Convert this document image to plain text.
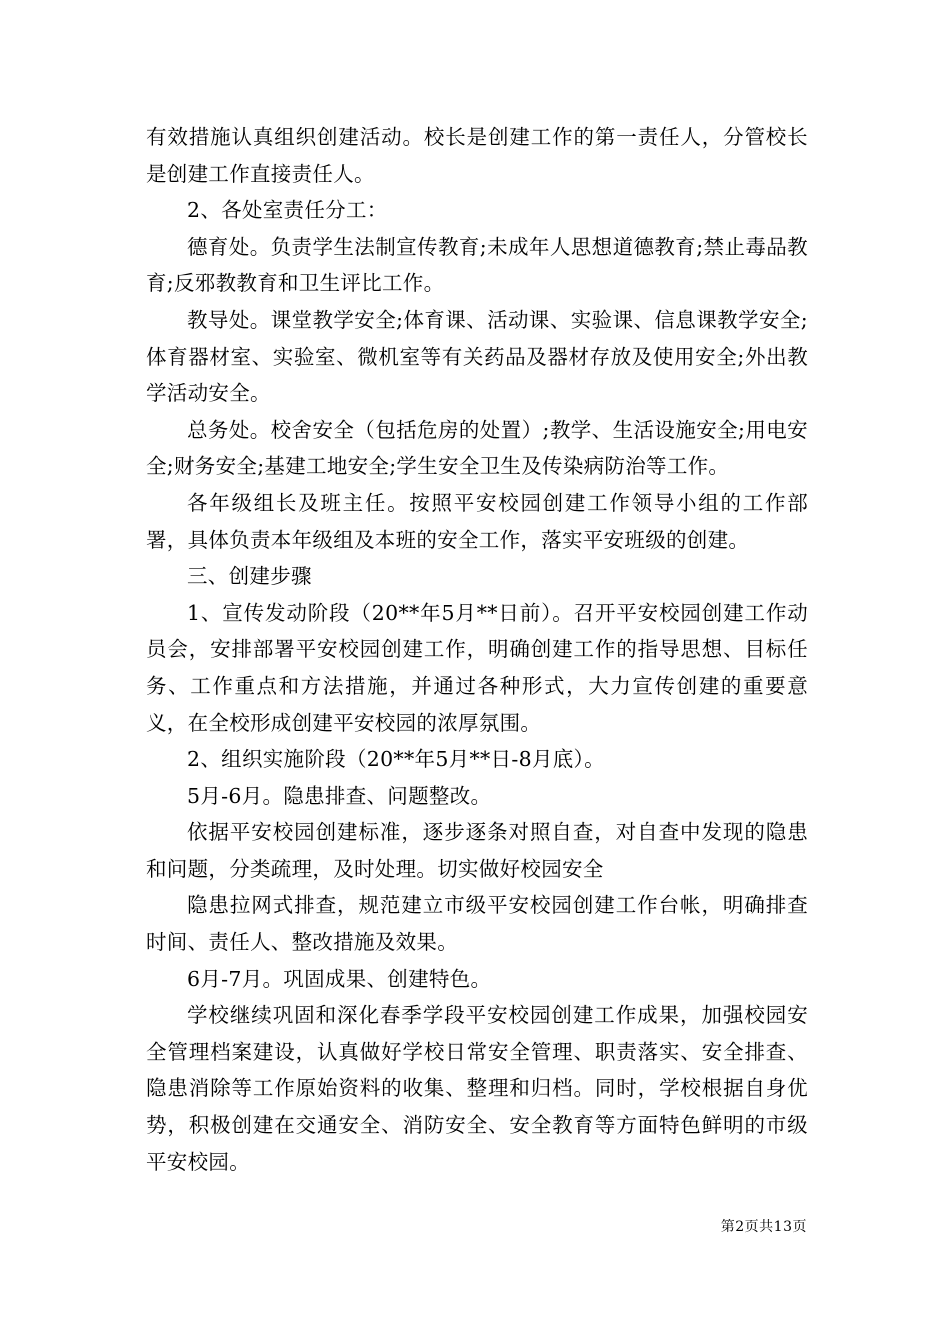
有效措施认真组织创建活动。校长是创建工作的第一责任人，分管校长是创建工作直接责任人。

2、各处室责任分工：

德育处。负责学生法制宣传教育;未成年人思想道德教育;禁止毒品教育;反邪教教育和卫生评比工作。

教导处。课堂教学安全;体育课、活动课、实验课、信息课教学安全;体育器材室、实验室、微机室等有关药品及器材存放及使用安全;外出教学活动安全。

总务处。校舍安全（包括危房的处置）;教学、生活设施安全;用电安全;财务安全;基建工地安全;学生安全卫生及传染病防治等工作。

各年级组长及班主任。按照平安校园创建工作领导小组的工作部署，具体负责本年级组及本班的安全工作，落实平安班级的创建。

三、创建步骤

1、宣传发动阶段（20**年5月**日前）。召开平安校园创建工作动员会，安排部署平安校园创建工作，明确创建工作的指导思想、目标任务、工作重点和方法措施，并通过各种形式，大力宣传创建的重要意义，在全校形成创建平安校园的浓厚氛围。

2、组织实施阶段（20**年5月**日-8月底）。

5月-6月。隐患排查、问题整改。

依据平安校园创建标准，逐步逐条对照自查，对自查中发现的隐患和问题，分类疏理，及时处理。切实做好校园安全

隐患拉网式排查，规范建立市级平安校园创建工作台帐，明确排查时间、责任人、整改措施及效果。

6月-7月。巩固成果、创建特色。

学校继续巩固和深化春季学段平安校园创建工作成果，加强校园安全管理档案建设，认真做好学校日常安全管理、职责落实、安全排查、隐患消除等工作原始资料的收集、整理和归档。同时，学校根据自身优势，积极创建在交通安全、消防安全、安全教育等方面特色鲜明的市级平安校园。

第2页共13页
